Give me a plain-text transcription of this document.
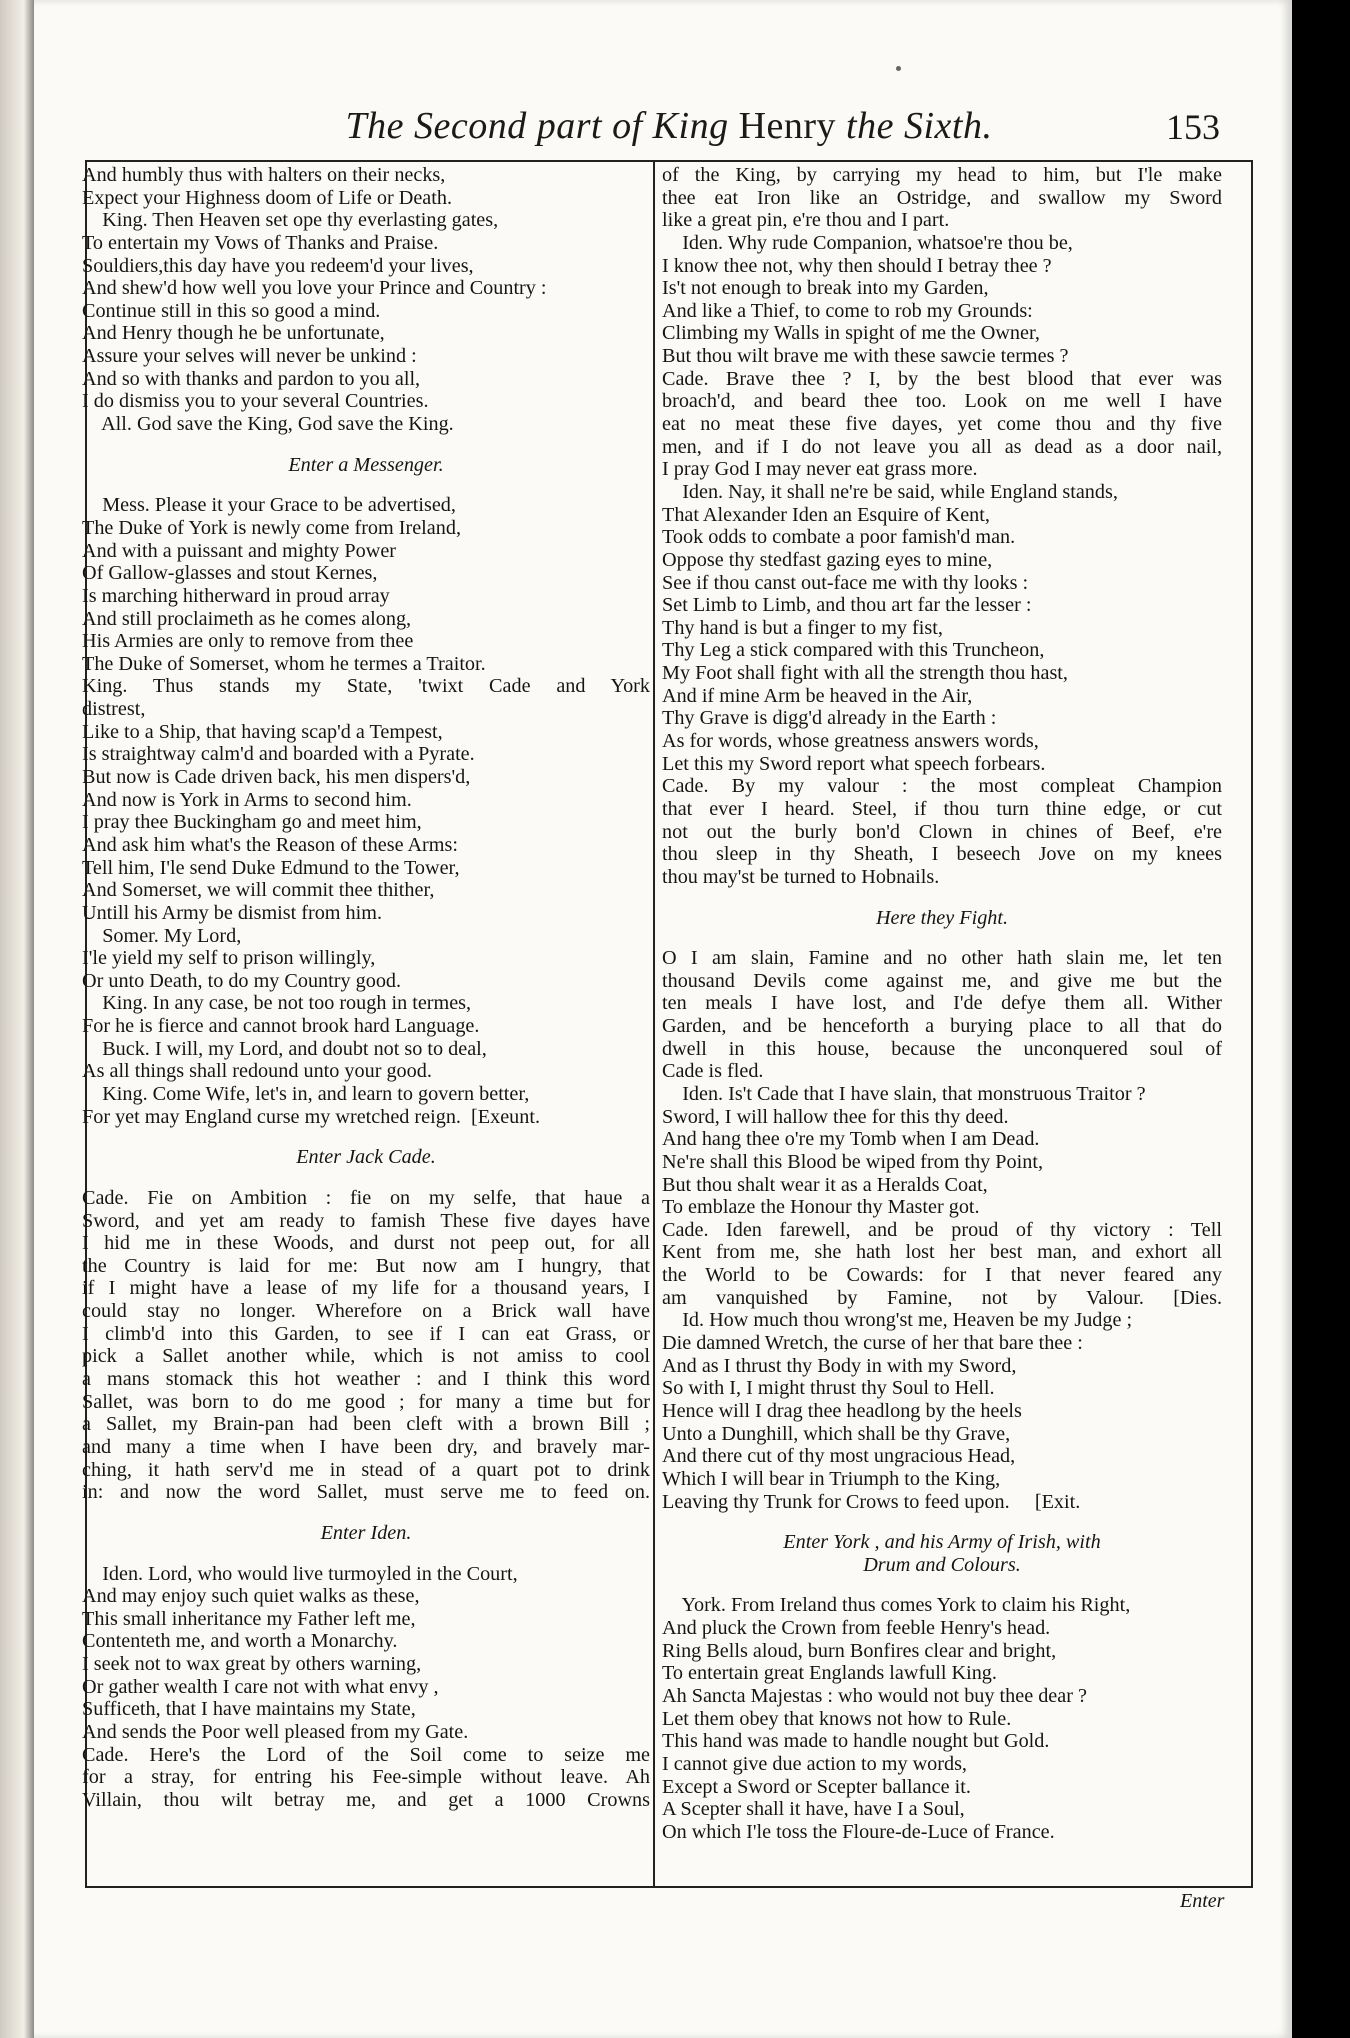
The Second part of King Henry the Sixth.	153
And humbly thus with halters on their necks,
Expect your Highness doom of Life or Death.
King. Then Heaven set ope thy everlasting gates,
To entertain my Vows of Thanks and Praise.
Souldiers,this day have you redeem'd your lives,
And shew'd how well you love your Prince and Country :
Continue still in this so good a mind.
And Henry though he be unfortunate,
Assure your selves will never be unkind :
And so with thanks and pardon to you all,
I do dismiss you to your several Countries.
All. God save the King, God save the King.
Enter a Messenger.
Mess. Please it your Grace to be advertised,
The Duke of York is newly come from Ireland,
And with a puissant and mighty Power
Of Gallow-glasses and stout Kernes,
Is marching hitherward in proud array
And still proclaimeth as he comes along,
His Armies are only to remove from thee
The Duke of Somerset, whom he termes a Traitor.
King. Thus stands my State, 'twixt Cade and York
distrest,
Like to a Ship, that having scap'd a Tempest,
Is straightway calm'd and boarded with a Pyrate.
But now is Cade driven back, his men dispers'd,
And now is York in Arms to second him.
I pray thee Buckingham go and meet him,
And ask him what's the Reason of these Arms:
Tell him, I'le send Duke Edmund to the Tower,
And Somerset, we will commit thee thither,
Untill his Army be dismist from him.
Somer. My Lord,
I'le yield my self to prison willingly,
Or unto Death, to do my Country good.
King. In any case, be not too rough in termes,
For he is fierce and cannot brook hard Language.
Buck. I will, my Lord, and doubt not so to deal,
As all things shall redound unto your good.
King. Come Wife, let's in, and learn to govern better,
For yet may England curse my wretched reign.  [Exeunt.
Enter Jack Cade.
Cade. Fie on Ambition : fie on my selfe, that haue a
Sword, and yet am ready to famish These five dayes have
I hid me in these Woods, and durst not peep out, for all
the Country is laid for me: But now am I hungry, that
if I might have a lease of my life for a thousand years, I
could stay no longer. Wherefore on a Brick wall have
I climb'd into this Garden, to see if I can eat Grass, or
pick a Sallet another while, which is not amiss to cool
a mans stomack this hot weather : and I think this word
Sallet, was born to do me good ; for many a time but for
a Sallet, my Brain-pan had been cleft with a brown Bill ;
and many a time when I have been dry, and bravely mar-
ching, it hath serv'd me in stead of a quart pot to drink
in: and now the word Sallet, must serve me to feed on.
Enter Iden.
Iden. Lord, who would live turmoyled in the Court,
And may enjoy such quiet walks as these,
This small inheritance my Father left me,
Contenteth me, and worth a Monarchy.
I seek not to wax great by others warning,
Or gather wealth I care not with what envy ,
Sufficeth, that I have maintains my State,
And sends the Poor well pleased from my Gate.
Cade. Here's the Lord of the Soil come to seize me
for a stray, for entring his Fee-simple without leave. Ah
Villain, thou wilt betray me, and get a 1000 Crowns
of the King, by carrying my head to him, but I'le make
thee eat Iron like an Ostridge, and swallow my Sword
like a great pin, e're thou and I part.
Iden. Why rude Companion, whatsoe're thou be,
I know thee not, why then should I betray thee ?
Is't not enough to break into my Garden,
And like a Thief, to come to rob my Grounds:
Climbing my Walls in spight of me the Owner,
But thou wilt brave me with these sawcie termes ?
Cade. Brave thee ? I, by the best blood that ever was
broach'd, and beard thee too. Look on me well I have
eat no meat these five dayes, yet come thou and thy five
men, and if I do not leave you all as dead as a door nail,
I pray God I may never eat grass more.
Iden. Nay, it shall ne're be said, while England stands,
That Alexander Iden an Esquire of Kent,
Took odds to combate a poor famish'd man.
Oppose thy stedfast gazing eyes to mine,
See if thou canst out-face me with thy looks :
Set Limb to Limb, and thou art far the lesser :
Thy hand is but a finger to my fist,
Thy Leg a stick compared with this Truncheon,
My Foot shall fight with all the strength thou hast,
And if mine Arm be heaved in the Air,
Thy Grave is digg'd already in the Earth :
As for words, whose greatness answers words,
Let this my Sword report what speech forbears.
Cade. By my valour : the most compleat Champion
that ever I heard. Steel, if thou turn thine edge, or cut
not out the burly bon'd Clown in chines of Beef, e're
thou sleep in thy Sheath, I beseech Jove on my knees
thou may'st be turned to Hobnails.
Here they Fight.
O I am slain, Famine and no other hath slain me, let ten
thousand Devils come against me, and give me but the
ten meals I have lost, and I'de defye them all. Wither
Garden, and be henceforth a burying place to all that do
dwell in this house, because the unconquered soul of
Cade is fled.
Iden. Is't Cade that I have slain, that monstruous Traitor ?
Sword, I will hallow thee for this thy deed.
And hang thee o're my Tomb when I am Dead.
Ne're shall this Blood be wiped from thy Point,
But thou shalt wear it as a Heralds Coat,
To emblaze the Honour thy Master got.
Cade. Iden farewell, and be proud of thy victory : Tell
Kent from me, she hath lost her best man, and exhort all
the World to be Cowards: for I that never feared any
am vanquished by Famine, not by Valour. [Dies.
Id. How much thou wrong'st me, Heaven be my Judge ;
Die damned Wretch, the curse of her that bare thee :
And as I thrust thy Body in with my Sword,
So with I, I might thrust thy Soul to Hell.
Hence will I drag thee headlong by the heels
Unto a Dunghill, which shall be thy Grave,
And there cut of thy most ungracious Head,
Which I will bear in Triumph to the King,
Leaving thy Trunk for Crows to feed upon.     [Exit.
Enter York , and his Army of Irish, with
Drum and Colours.
York. From Ireland thus comes York to claim his Right,
And pluck the Crown from feeble Henry's head.
Ring Bells aloud, burn Bonfires clear and bright,
To entertain great Englands lawfull King.
Ah Sancta Majestas : who would not buy thee dear ?
Let them obey that knows not how to Rule.
This hand was made to handle nought but Gold.
I cannot give due action to my words,
Except a Sword or Scepter ballance it.
A Scepter shall it have, have I a Soul,
On which I'le toss the Floure-de-Luce of France.
Enter
